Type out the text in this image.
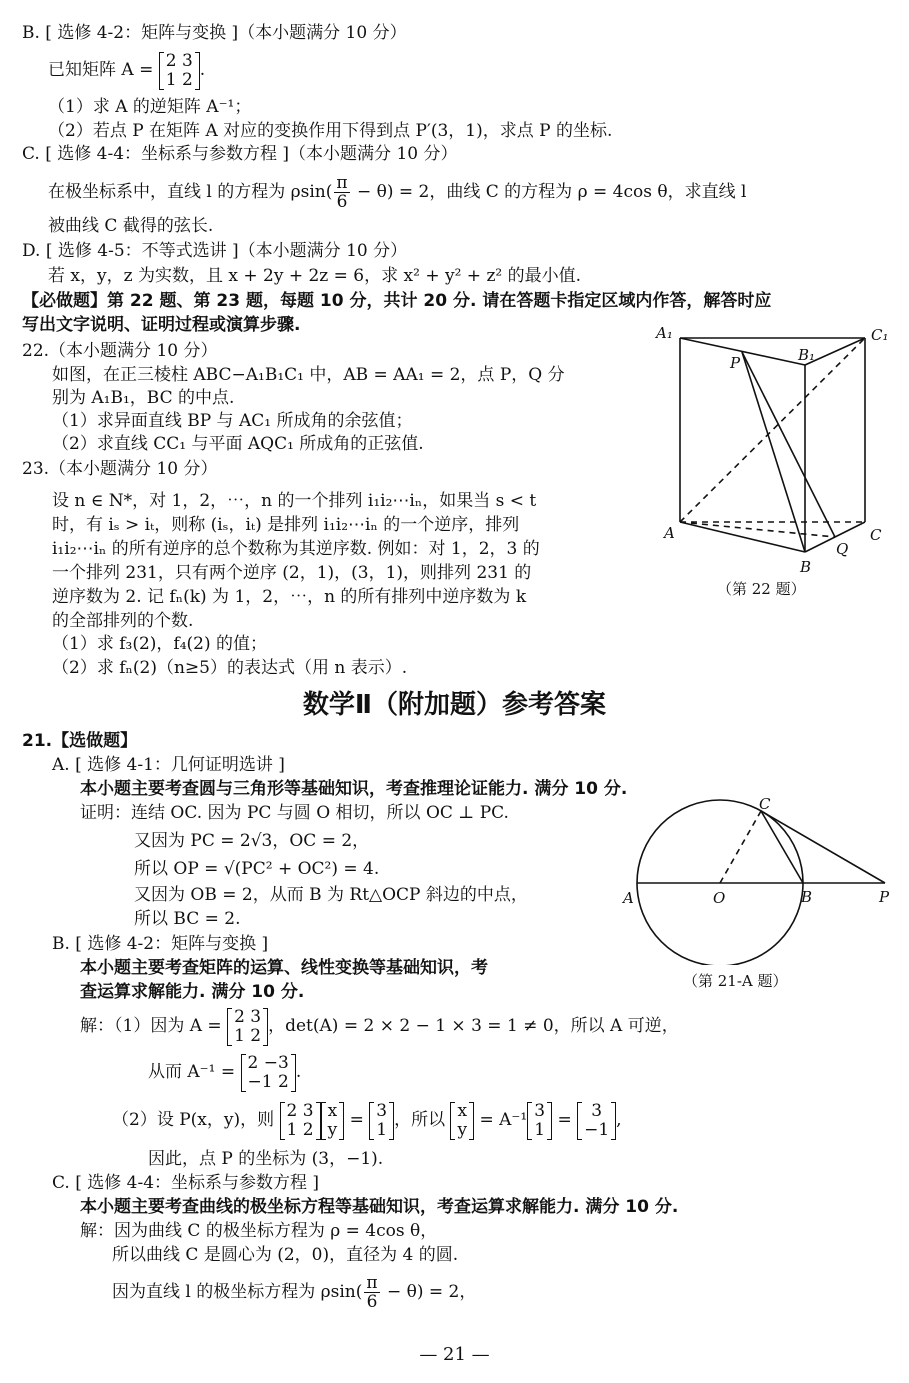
B. [ 选修 4-2：矩阵与变换 ]（本小题满分 10 分）
已知矩阵 A = 2 3
1 2 .
（1）求 A 的逆矩阵 A⁻¹；
（2）若点 P 在矩阵 A 对应的变换作用下得到点 P′(3，1)，求点 P 的坐标.
C. [ 选修 4-4：坐标系与参数方程 ]（本小题满分 10 分）
在极坐标系中，直线 l 的方程为 $\rho\sin( \frac{\pi}{6} - \theta) = 2$，曲线 C 的方程为 ρ = 4cos θ，求直线 l
被曲线 C 截得的弦长.
D. [ 选修 4-5：不等式选讲 ]（本小题满分 10 分）
若 x，y，z 为实数，且 x + 2y + 2z = 6，求 x² + y² + z² 的最小值.
【必做题】第 22 题、第 23 题，每题 10 分，共计 20 分. 请在答题卡指定区域内作答，解答时应
写出文字说明、证明过程或演算步骤.
22.（本小题满分 10 分）
如图，在正三棱柱 ABC−A₁B₁C₁ 中，AB = AA₁ = 2，点 P，Q 分
别为 A₁B₁，BC 的中点.
（1）求异面直线 BP 与 AC₁ 所成角的余弦值；
（2）求直线 CC₁ 与平面 AQC₁ 所成角的正弦值.
23.（本小题满分 10 分）
设 n ∈ N*，对 1，2，⋯，n 的一个排列 i₁i₂⋯iₙ，如果当 s < t
时，有 iₛ > iₜ，则称 (iₛ，iₜ) 是排列 i₁i₂⋯iₙ 的一个逆序，排列
i₁i₂⋯iₙ 的所有逆序的总个数称为其逆序数. 例如：对 1，2，3 的
一个排列 231，只有两个逆序 (2，1)，(3，1)，则排列 231 的
逆序数为 2. 记 fₙ(k) 为 1，2，⋯，n 的所有排列中逆序数为 k
的全部排列的个数.
（1）求 f₃(2)，f₄(2) 的值；
（2）求 fₙ(2)（n≥5）的表达式（用 n 表示）.
A₁	C₁
B₁
P
A	C
Q
B
（第 22 题）
数学Ⅱ（附加题）参考答案
21.【选做题】
A. [ 选修 4-1：几何证明选讲 ]
本小题主要考查圆与三角形等基础知识，考查推理论证能力. 满分 10 分.
证明：连结 OC. 因为 PC 与圆 O 相切，所以 OC ⊥ PC.
又因为 PC = 2√3，OC = 2，
所以 OP = √(PC² + OC²) = 4.
又因为 OB = 2，从而 B 为 Rt△OCP 斜边的中点，
所以 BC = 2.
A	O	B	P
C
（第 21-A 题）
B. [ 选修 4-2：矩阵与变换 ]
本小题主要考查矩阵的运算、线性变换等基础知识，考
查运算求解能力. 满分 10 分.
解：（1）因为 A = 2 3
1 2 ，det(A) = 2 × 2 − 1 × 3 = 1 ≠ 0，所以 A 可逆，
从而 A⁻¹ = 2 −3
−1 2 .
（2）设 P(x，y)，则 2 3
1 2
x
y = 3
1 ，所以 x
y = A⁻¹ 3
1 =	3
−1 ,
因此，点 P 的坐标为 (3，−1).
C. [ 选修 4-4：坐标系与参数方程 ]
本小题主要考查曲线的极坐标方程等基础知识，考查运算求解能力. 满分 10 分.
解：因为曲线 C 的极坐标方程为 ρ = 4cos θ，
所以曲线 C 是圆心为 (2，0)，直径为 4 的圆.
因为直线 l 的极坐标方程为 $\rho\sin( \frac{\pi}{6} - \theta) = 2$，
— 21 —
